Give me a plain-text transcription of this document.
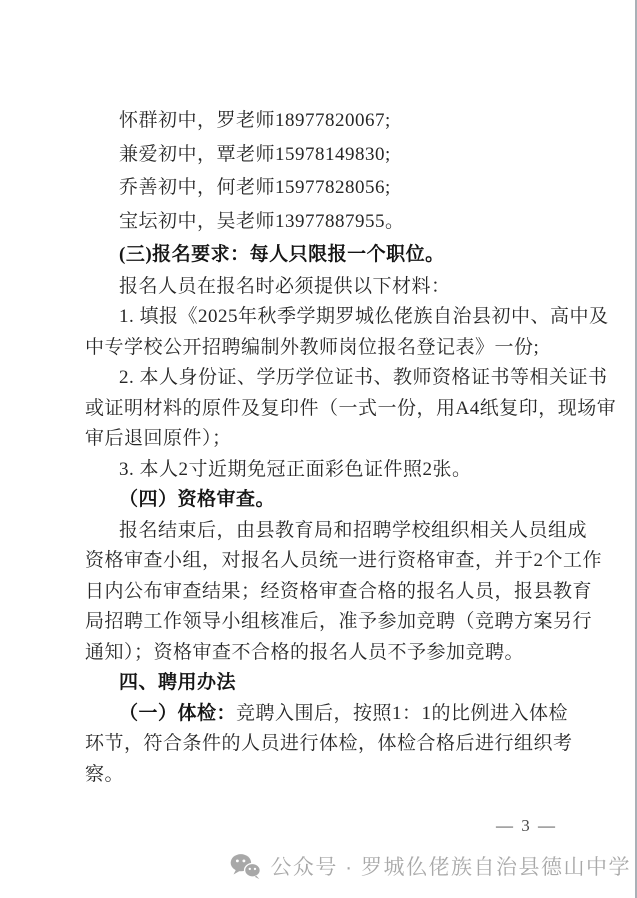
怀群初中，罗老师18977820067;
兼爱初中，覃老师15978149830;
乔善初中，何老师15977828056;
宝坛初中，吴老师13977887955。
(三)报名要求：每人只限报一个职位。
报名人员在报名时必须提供以下材料：
1. 填报《2025年秋季学期罗城仫佬族自治县初中、高中及
中专学校公开招聘编制外教师岗位报名登记表》一份;
2. 本人身份证、学历学位证书、教师资格证书等相关证书
或证明材料的原件及复印件（一式一份，用A4纸复印，现场审
审后退回原件）；
3. 本人2寸近期免冠正面彩色证件照2张。
（四）资格审查。
报名结束后，由县教育局和招聘学校组织相关人员组成
资格审查小组，对报名人员统一进行资格审查，并于2个工作
日内公布审查结果；经资格审查合格的报名人员，报县教育
局招聘工作领导小组核准后，准予参加竞聘（竞聘方案另行
通知）；资格审查不合格的报名人员不予参加竞聘。
四、聘用办法
（一）体检：竞聘入围后，按照1：1的比例进入体检
环节，符合条件的人员进行体检，体检合格后进行组织考
察。
— 3 —
公众号 · 罗城仫佬族自治县德山中学
